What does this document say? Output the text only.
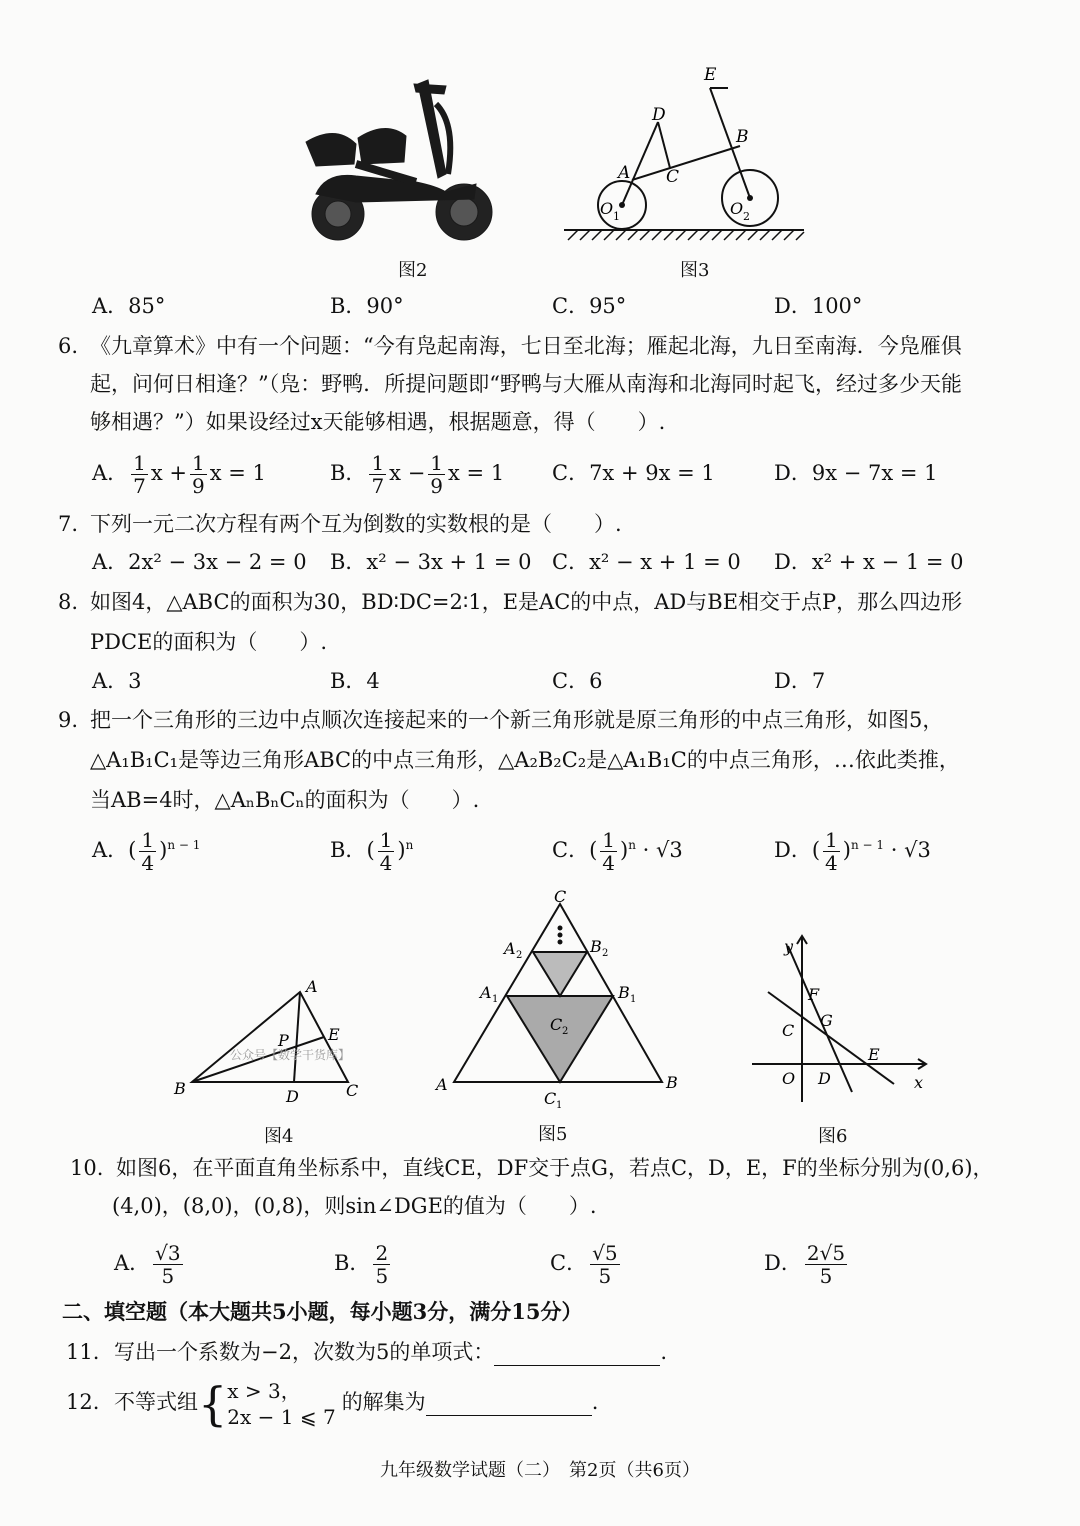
图2
E
D
B
A C
O 1	O 2
图3
A．85°	B．90°	C．95°	D．100°
6. 《九章算术》中有一个问题：“今有凫起南海，七日至北海；雁起北海，九日至南海．今凫雁俱
起，问何日相逢？”（凫：野鸭．所提问题即“野鸭与大雁从南海和北海同时起飞，经过多少天能
够相遇？”）如果设经过x天能够相遇，根据题意，得（　　）.
A． $\frac{1}{7}$ $x + \frac{1}{9}$ x = 1	B． $\frac{1}{7}$ $x - \frac{1}{9}$ x = 1 C．7x + 9x = 1	D．9x − 7x = 1
7. 下列一元二次方程有两个互为倒数的实数根的是（　　）.
A．2x² − 3x − 2 = 0 B．x² − 3x + 1 = 0 C．x² − x + 1 = 0 D．x² + x − 1 = 0
8. 如图4，△ABC的面积为30，BD∶DC=2∶1，E是AC的中点，AD与BE相交于点P，那么四边形
PDCE的面积为（　　）.
A．3	B．4	C．6	D．7
9. 把一个三角形的三边中点顺次连接起来的一个新三角形就是原三角形的中点三角形，如图5，
△A₁B₁C₁是等边三角形ABC的中点三角形，△A₂B₂C₂是△A₁B₁C的中点三角形，…依此类推，
当AB=4时，△AₙBₙCₙ的面积为（　　）.
A．( $\frac{1}{4} )^{n - 1}$	B．( $\frac{1}{4} )^n$	C．( $\frac{1}{4} )^n \cdot √3$	D．( $\frac{1}{4} )^{n - 1} \cdot √3$
A
B	C
D
E
P
公众号【数学干货库】
图4
C
A 2	B 2
A 1	B 1
C 2
A	B
C 1
图5
y
x
F
G
C
E
O D
图6
10. 如图6，在平面直角坐标系中，直线CE，DF交于点G，若点C，D，E，F的坐标分别为(0,6)，
(4,0)，(8,0)，(0,8)，则sin∠DGE的值为（　　）.
A． $\frac{√3}{5}$	B． $\frac{2}{5}$	C． $\frac{√5}{5}$	D． $\frac{2√5}{5}$
二、填空题（本大题共5小题，每小题3分，满分15分）
11. 写出一个系数为−2，次数为5的单项式：	.
12. 不等式组{ x > 3，
2x − 1 ⩽ 7
的解集为	.
九年级数学试题（二）　第2页（共6页）
